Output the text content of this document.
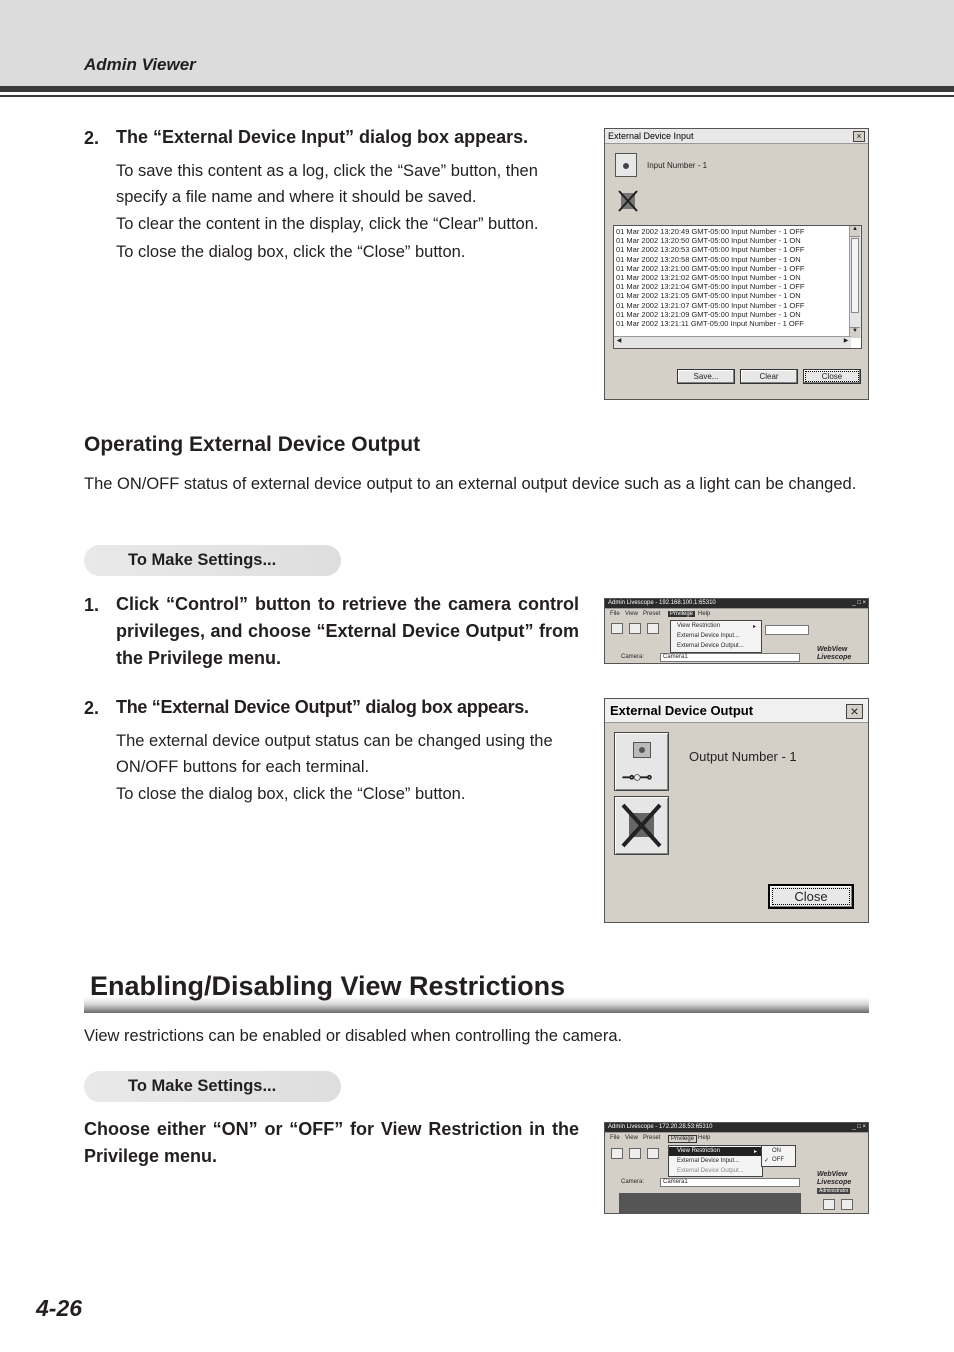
Admin Viewer
2. The “External Device Input” dialog box appears.
To save this content as a log, click the “Save” button, then specify a file name and where it should be saved.
To clear the content in the display, click the “Clear” button.
To close the dialog box, click the “Close” button.
External Device Input	×
Input Number - 1
01 Mar 2002 13:20:49 GMT-05:00 Input Number - 1 OFF
01 Mar 2002 13:20:50 GMT-05:00 Input Number - 1 ON
01 Mar 2002 13:20:53 GMT-05:00 Input Number - 1 OFF
01 Mar 2002 13:20:58 GMT-05:00 Input Number - 1 ON
01 Mar 2002 13:21:00 GMT-05:00 Input Number - 1 OFF
01 Mar 2002 13:21:02 GMT-05:00 Input Number - 1 ON
01 Mar 2002 13:21:04 GMT-05:00 Input Number - 1 OFF
01 Mar 2002 13:21:05 GMT-05:00 Input Number - 1 ON
01 Mar 2002 13:21:07 GMT-05:00 Input Number - 1 OFF
01 Mar 2002 13:21:09 GMT-05:00 Input Number - 1 ON
01 Mar 2002 13:21:11 GMT-05:00 Input Number - 1 OFF
▲
▼
◀	▶
Save...	Clear	Close
Operating External Device Output
The ON/OFF status of external device output to an external output device such as a light can be changed.
To Make Settings...
1. Click “Control” button to retrieve the camera control privileges, and choose “External Device Output” from the Privilege menu.
Admin Livescope - 192.168.100.1:65310	_ □ ×
File View Preset	Privilege Help
View Restriction	▸
External Device Input...
External Device Output...
Camera:	Camera1
WebView
Livescope
2. The “External Device Output” dialog box appears.
The external device output status can be changed using the ON/OFF buttons for each terminal.
To close the dialog box, click the “Close” button.
External Device Output	×
⊸○⊸
Output Number - 1
Close
Enabling/Disabling View Restrictions
View restrictions can be enabled or disabled when controlling the camera.
To Make Settings...
Choose either “ON” or “OFF” for View Restriction in the Privilege menu.
Admin Livescope - 172.20.28.53:65310	_ □ ×
File View Preset	Privilege Help
View Restriction	▸
External Device Input...
External Device Output...
ON
✓ OFF
Camera:	Camera1
WebView
Livescope
Administrator
4-26
